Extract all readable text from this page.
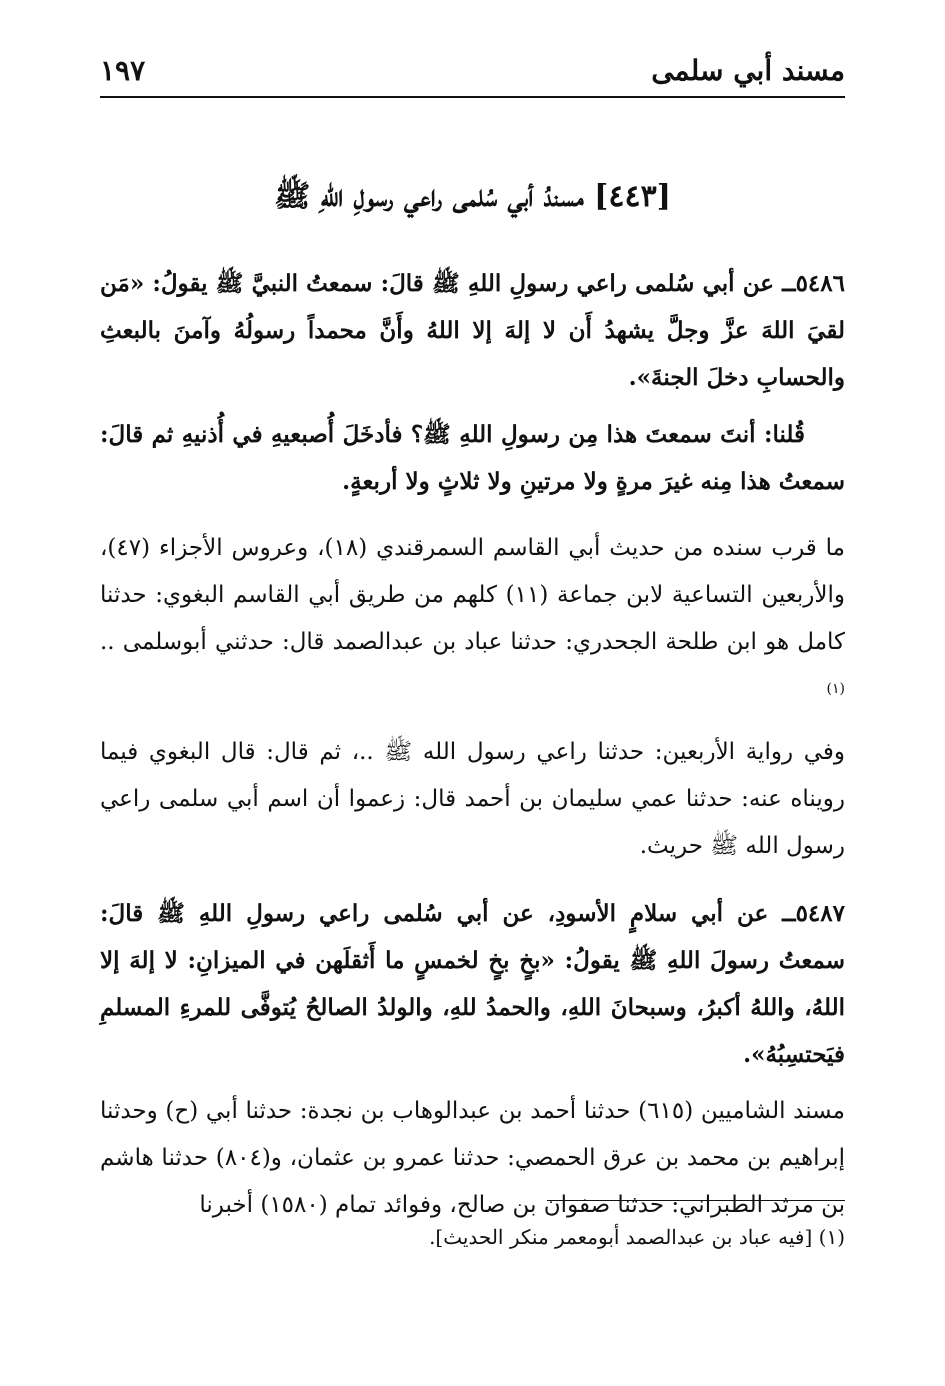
مسند أبي سلمى
١٩٧
[٤٤٣] مسندُ أبي سُلمى راعي رسولِ اللهِ ﷺ

٥٤٨٦ــ عن أبي سُلمى راعي رسولِ اللهِ ﷺ قالَ: سمعتُ النبيَّ ﷺ يقولُ: «مَن لقيَ اللهَ عزَّ وجلَّ يشهدُ أَن لا إلهَ إلا اللهُ وأَنَّ محمداً رسولُهُ وآمنَ بالبعثِ والحسابِ دخلَ الجنةَ».

قُلنا: أنتَ سمعتَ هذا مِن رسولِ اللهِ ﷺ؟ فأدخَلَ أُصبعيهِ في أُذنيهِ ثم قالَ: سمعتُ هذا مِنه غيرَ مرةٍ ولا مرتينِ ولا ثلاثٍ ولا أربعةٍ.

ما قرب سنده من حديث أبي القاسم السمرقندي (١٨)، وعروس الأجزاء (٤٧)، والأربعين التساعية لابن جماعة (١١) كلهم من طريق أبي القاسم البغوي: حدثنا كامل هو ابن طلحة الجحدري: حدثنا عباد بن عبدالصمد قال: حدثني أبوسلمى .. $^{(١)}$

وفي رواية الأربعين: حدثنا راعي رسول الله ﷺ ..، ثم قال: قال البغوي فيما رويناه عنه: حدثنا عمي سليمان بن أحمد قال: زعموا أن اسم أبي سلمى راعي رسول الله ﷺ حريث.

٥٤٨٧ــ عن أبي سلامٍ الأسودِ، عن أبي سُلمى راعي رسولِ اللهِ ﷺ قالَ: سمعتُ رسولَ اللهِ ﷺ يقولُ: «بخٍ بخٍ لخمسٍ ما أَثقلَهن في الميزانِ: لا إلهَ إلا اللهُ، واللهُ أكبرُ، وسبحانَ اللهِ، والحمدُ للهِ، والولدُ الصالحُ يُتوفَّى للمرءِ المسلمِ فيَحتسِبُهُ».

مسند الشاميين (٦١٥) حدثنا أحمد بن عبدالوهاب بن نجدة: حدثنا أبي (ح) وحدثنا إبراهيم بن محمد بن عرق الحمصي: حدثنا عمرو بن عثمان، و(٨٠٤) حدثنا هاشم بن مرثد الطبراني: حدثنا صفوان بن صالح، وفوائد تمام (١٥٨٠) أخبرنا

(١) [فيه عباد بن عبدالصمد أبومعمر منكر الحديث].
